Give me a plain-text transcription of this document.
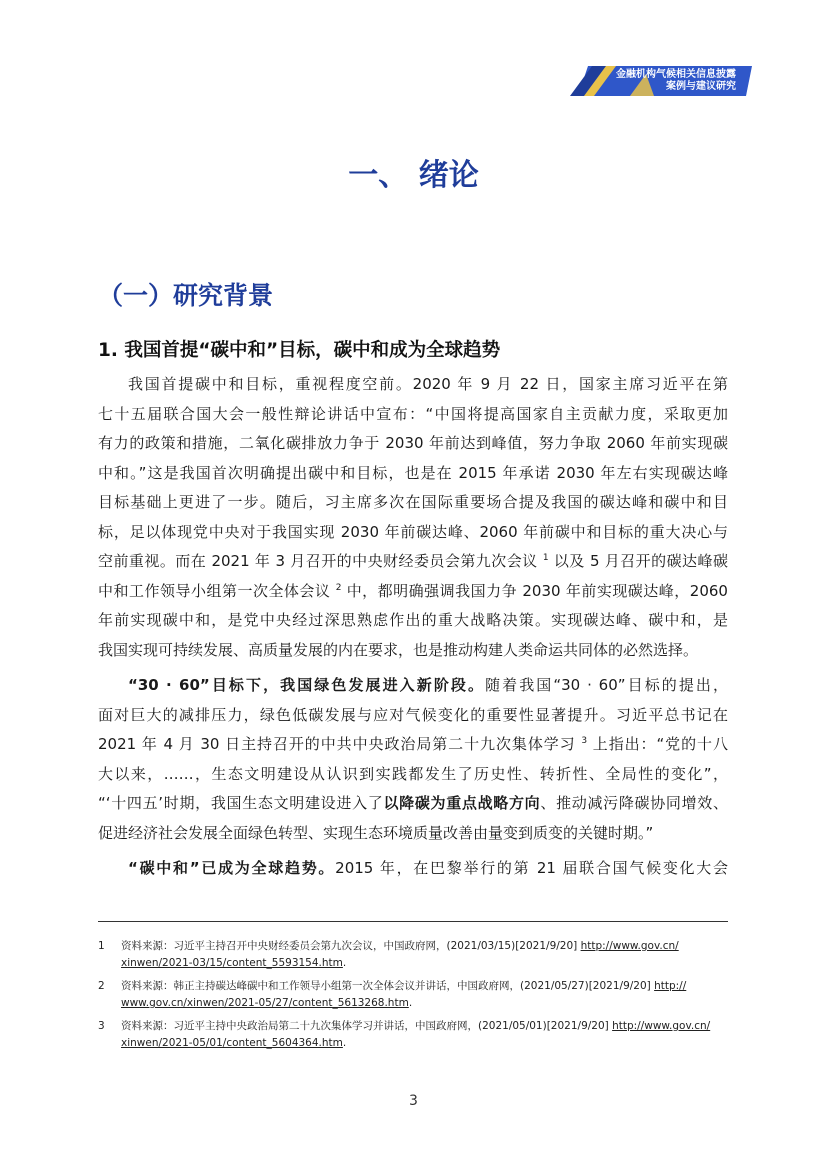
金融机构气候相关信息披露
案例与建议研究
一、 绪论
（一）研究背景
1. 我国首提“碳中和”目标，碳中和成为全球趋势
我国首提碳中和目标，重视程度空前。2020 年 9 月 22 日，国家主席习近平在第
七十五届联合国大会一般性辩论讲话中宣布：“中国将提高国家自主贡献力度，采取更加
有力的政策和措施，二氧化碳排放力争于 2030 年前达到峰值，努力争取 2060 年前实现碳
中和。”这是我国首次明确提出碳中和目标，也是在 2015 年承诺 2030 年左右实现碳达峰
目标基础上更进了一步。随后，习主席多次在国际重要场合提及我国的碳达峰和碳中和目
标，足以体现党中央对于我国实现 2030 年前碳达峰、2060 年前碳中和目标的重大决心与
空前重视。而在 2021 年 3 月召开的中央财经委员会第九次会议 $^1$ 以及 5 月召开的碳达峰碳
中和工作领导小组第一次全体会议 $^2$ 中，都明确强调我国力争 2030 年前实现碳达峰，2060
年前实现碳中和，是党中央经过深思熟虑作出的重大战略决策。实现碳达峰、碳中和，是
我国实现可持续发展、高质量发展的内在要求，也是推动构建人类命运共同体的必然选择。
“30 · 60”目标下，我国绿色发展进入新阶段。随着我国“30 · 60”目标的提出，
面对巨大的减排压力，绿色低碳发展与应对气候变化的重要性显著提升。习近平总书记在
2021 年 4 月 30 日主持召开的中共中央政治局第二十九次集体学习 $^3$ 上指出：“党的十八
大以来，……，生态文明建设从认识到实践都发生了历史性、转折性、全局性的变化”，
“‘十四五’时期，我国生态文明建设进入了以降碳为重点战略方向、推动减污降碳协同增效、
促进经济社会发展全面绿色转型、实现生态环境质量改善由量变到质变的关键时期。”
“碳中和”已成为全球趋势。2015 年，在巴黎举行的第 21 届联合国气候变化大会
1 资料来源：习近平主持召开中央财经委员会第九次会议，中国政府网，(2021/03/15)[2021/9/20] http://www.gov.cn/
xinwen/2021-03/15/content_5593154.htm.
2 资料来源：韩正主持碳达峰碳中和工作领导小组第一次全体会议并讲话，中国政府网，(2021/05/27)[2021/9/20] http://
www.gov.cn/xinwen/2021-05/27/content_5613268.htm.
3 资料来源：习近平主持中央政治局第二十九次集体学习并讲话，中国政府网，(2021/05/01)[2021/9/20] http://www.gov.cn/
xinwen/2021-05/01/content_5604364.htm.
3
